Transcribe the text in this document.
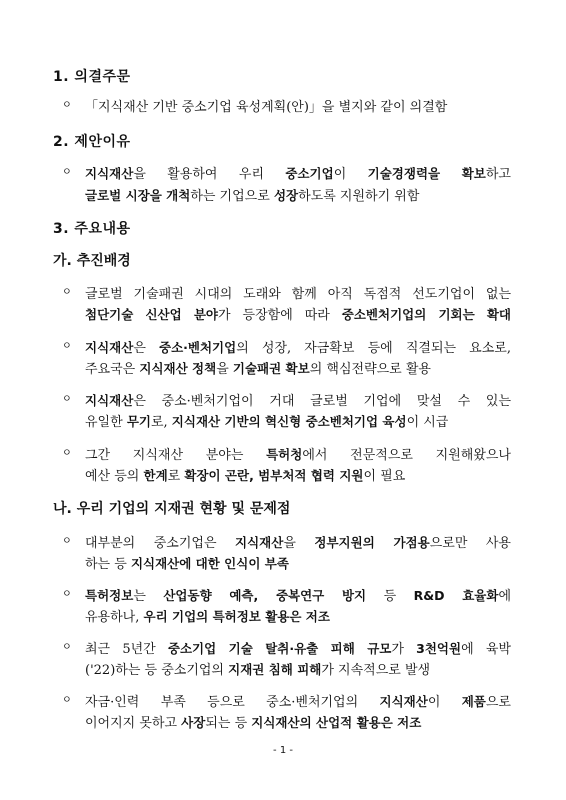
1. 의결주문
ㅇ 「지식재산 기반 중소기업 육성계획(안)」을 별지와 같이 의결함
2. 제안이유
ㅇ 지식재산을 활용하여 우리 중소기업이 기술경쟁력을 확보하고
글로벌 시장을 개척하는 기업으로 성장하도록 지원하기 위함
3. 주요내용
가. 추진배경
ㅇ 글로벌 기술패권 시대의 도래와 함께 아직 독점적 선도기업이 없는
첨단기술 신산업 분야가 등장함에 따라 중소벤처기업의 기회는 확대
ㅇ 지식재산은 중소·벤처기업의 성장, 자금확보 등에 직결되는 요소로,
주요국은 지식재산 정책을 기술패권 확보의 핵심전략으로 활용
ㅇ 지식재산은 중소·벤처기업이 거대 글로벌 기업에 맞설 수 있는
유일한 무기로, 지식재산 기반의 혁신형 중소벤처기업 육성이 시급
ㅇ 그간 지식재산 분야는 특허청에서 전문적으로 지원해왔으나
예산 등의 한계로 확장이 곤란, 범부처적 협력 지원이 필요
나. 우리 기업의 지재권 현황 및 문제점
ㅇ 대부분의 중소기업은 지식재산을 정부지원의 가점용으로만 사용
하는 등 지식재산에 대한 인식이 부족
ㅇ 특허정보는 산업동향 예측, 중복연구 방지 등 R&D 효율화에
유용하나, 우리 기업의 특허정보 활용은 저조
ㅇ 최근 5년간 중소기업 기술 탈취·유출 피해 규모가 3천억원에 육박
('22)하는 등 중소기업의 지재권 침해 피해가 지속적으로 발생
ㅇ 자금·인력 부족 등으로 중소·벤처기업의 지식재산이 제품으로
이어지지 못하고 사장되는 등 지식재산의 산업적 활용은 저조
- 1 -
